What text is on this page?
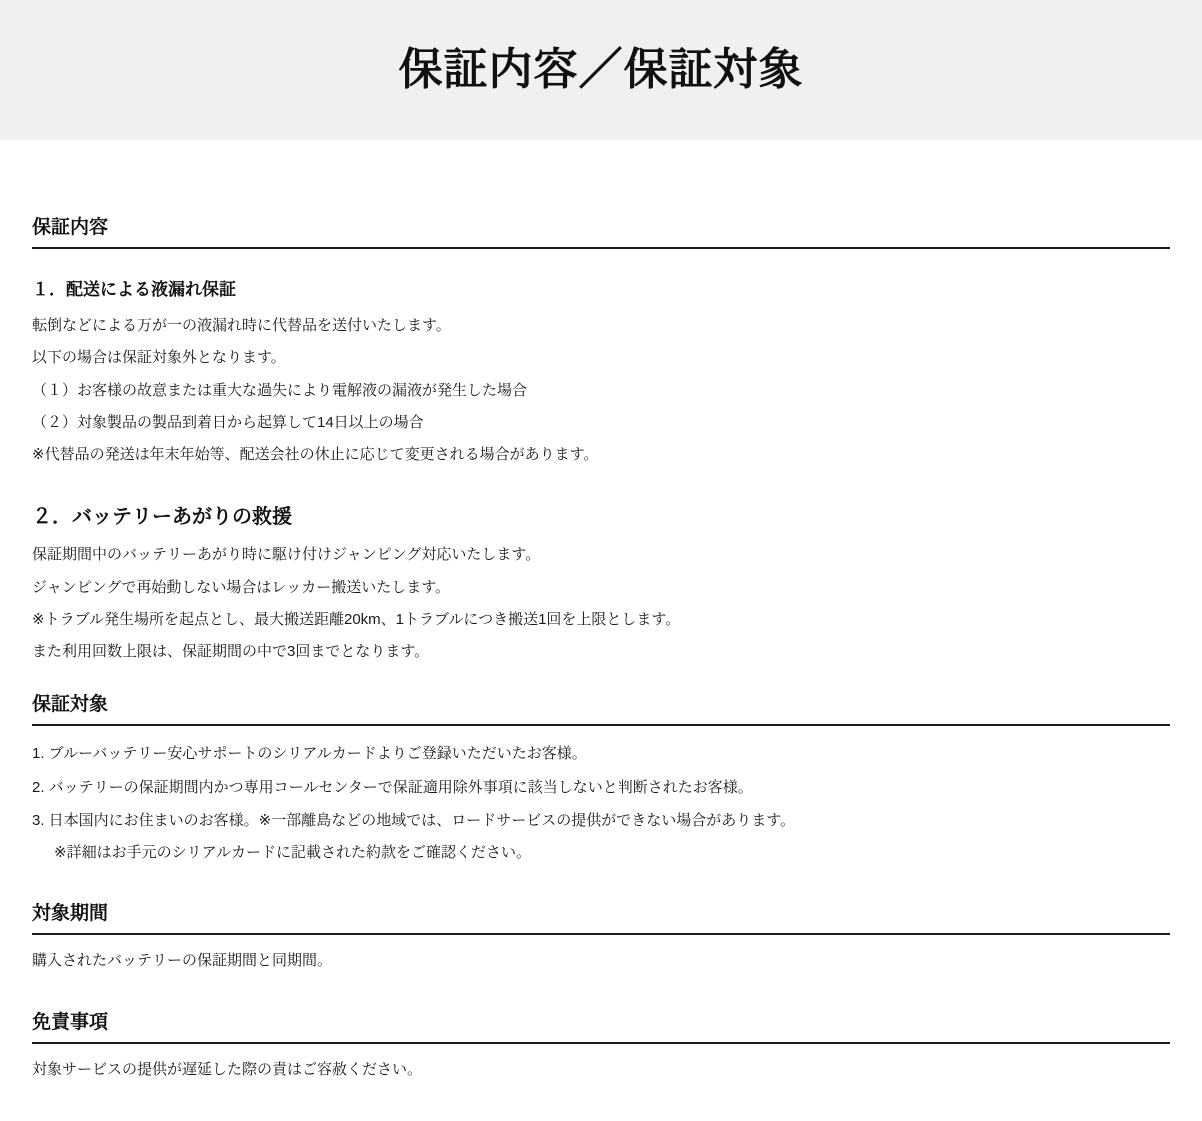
保証内容／保証対象
保証内容
１．配送による液漏れ保証

転倒などによる万が一の液漏れ時に代替品を送付いたします。

以下の場合は保証対象外となります。

（１）お客様の故意または重大な過失により電解液の漏液が発生した場合

（２）対象製品の製品到着日から起算して14日以上の場合

※代替品の発送は年末年始等、配送会社の休止に応じて変更される場合があります。

２．バッテリーあがりの救援

保証期間中のバッテリーあがり時に駆け付けジャンピング対応いたします。

ジャンピングで再始動しない場合はレッカー搬送いたします。

※トラブル発生場所を起点とし、最大搬送距離20km、1トラブルにつき搬送1回を上限とします。

また利用回数上限は、保証期間の中で3回までとなります。

保証対象
1. ブルーバッテリー安心サポートのシリアルカードよりご登録いただいたお客様。
2. バッテリーの保証期間内かつ専用コールセンターで保証適用除外事項に該当しないと判断されたお客様。
3. 日本国内にお住まいのお客様。※一部離島などの地域では、ロードサービスの提供ができない場合があります。

※詳細はお手元のシリアルカードに記載された約款をご確認ください。

対象期間

購入されたバッテリーの保証期間と同期間。

免責事項

対象サービスの提供が遅延した際の責はご容赦ください。
